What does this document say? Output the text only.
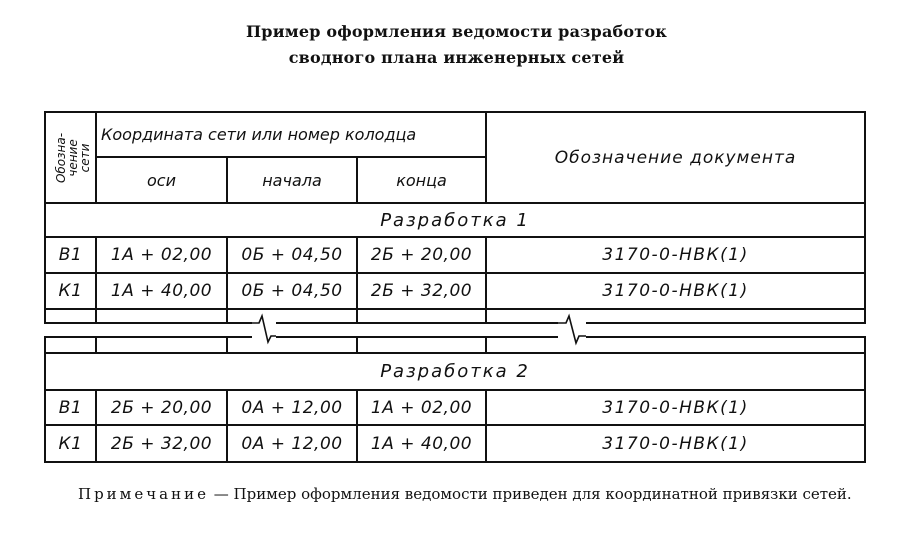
Пример оформления ведомости разработок
сводного плана инженерных сетей
Обозна-
чение
сети
Координата сети или номер колодца
оси	начала	конца
Обозначение документа
Разработка 1
В1	1А + 02,00	0Б + 04,50	2Б + 20,00	3170-0-НВК(1)
К1	1А + 40,00	0Б + 04,50	2Б + 32,00	3170-0-НВК(1)
Разработка 2
В1	2Б + 20,00	0А + 12,00	1А + 02,00	3170-0-НВК(1)
К1	2Б + 32,00	0А + 12,00	1А + 40,00	3170-0-НВК(1)
Примечание — Пример оформления ведомости приведен для координатной привязки сетей.
